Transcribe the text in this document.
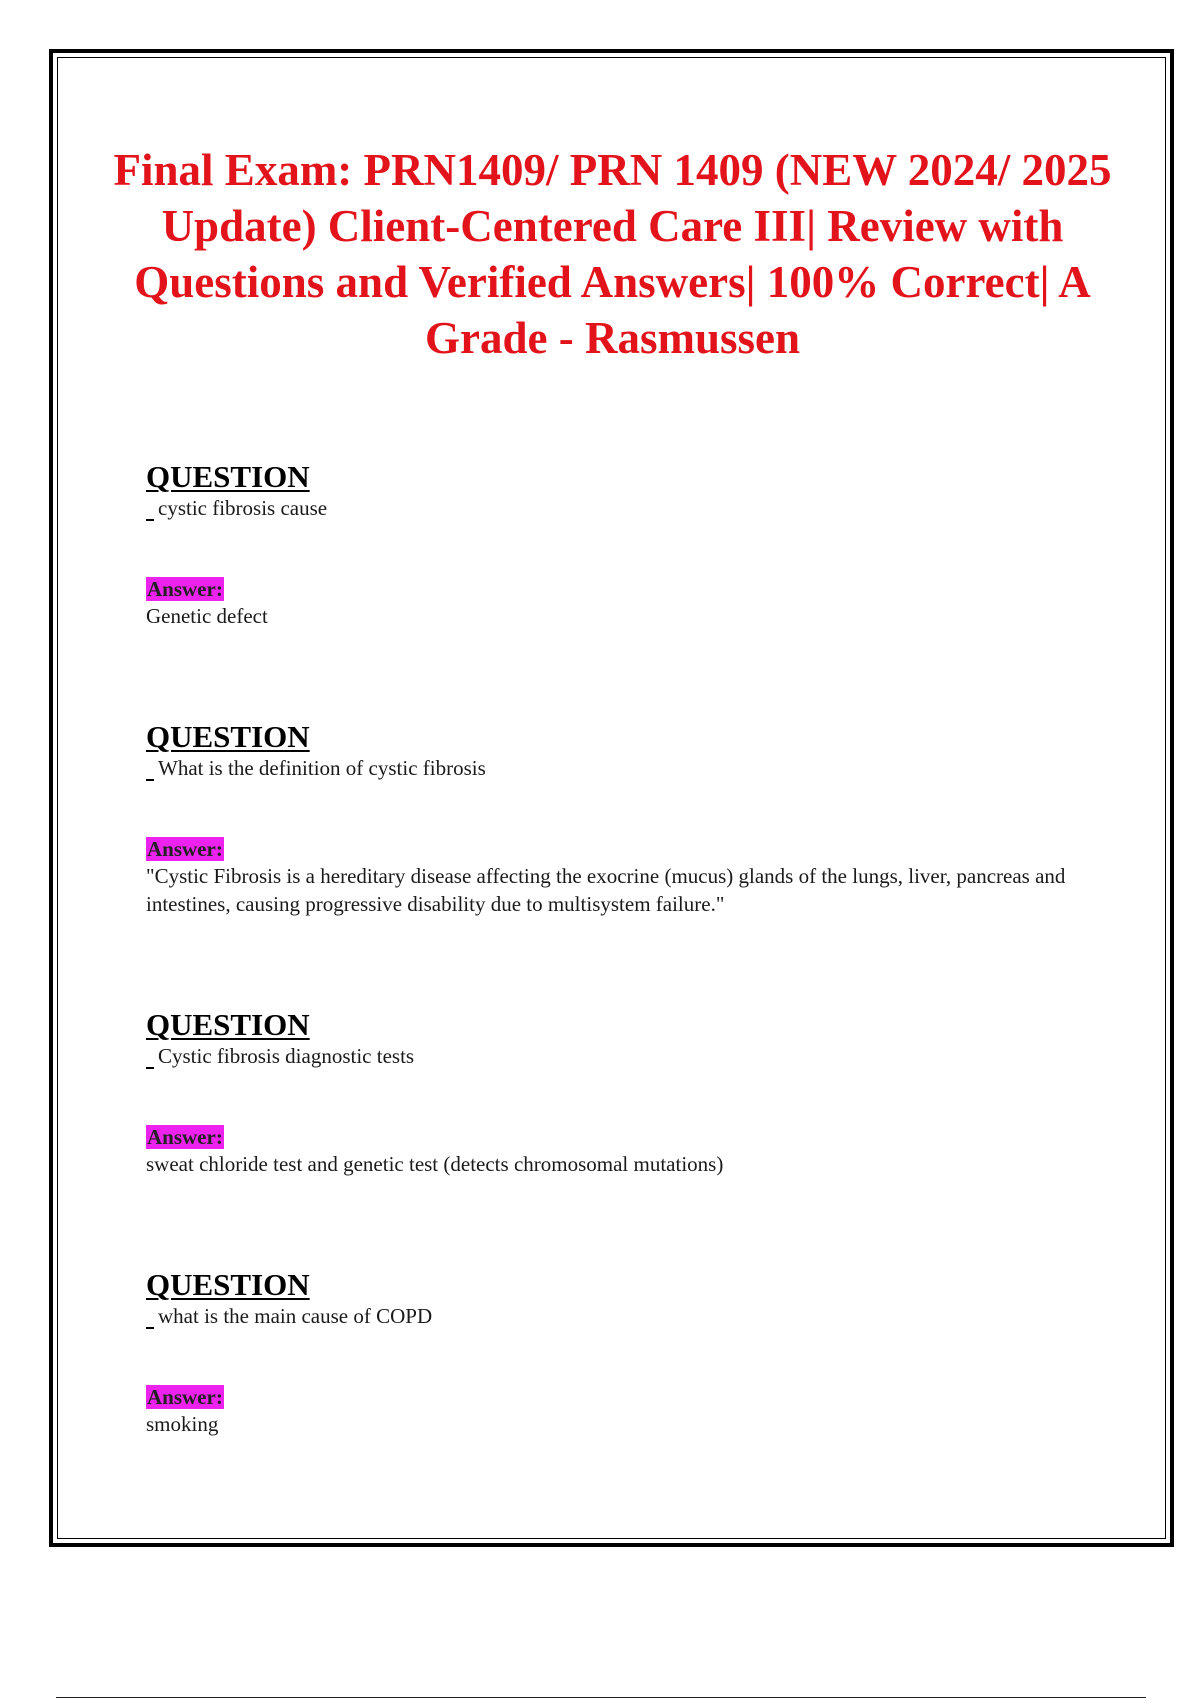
Final Exam: PRN1409/ PRN 1409 (NEW 2024/ 2025 Update) Client-Centered Care III| Review with Questions and Verified Answers| 100% Correct| A Grade - Rasmussen
QUESTION
cystic fibrosis cause
Answer:
Genetic defect
QUESTION
What is the definition of cystic fibrosis
Answer:
"Cystic Fibrosis is a hereditary disease affecting the exocrine (mucus) glands of the lungs, liver, pancreas and intestines, causing progressive disability due to multisystem failure."
QUESTION
Cystic fibrosis diagnostic tests
Answer:
sweat chloride test and genetic test (detects chromosomal mutations)
QUESTION
what is the main cause of COPD
Answer:
smoking
